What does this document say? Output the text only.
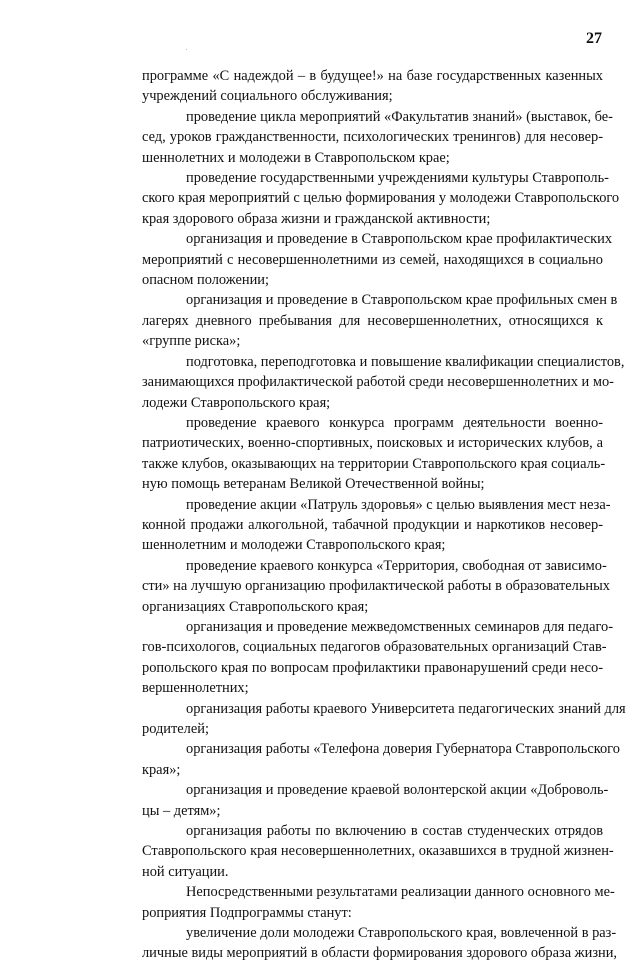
27
программе «С надеждой – в будущее!» на базе государственных казенных
учреждений социального обслуживания;
проведение цикла мероприятий «Факультатив знаний» (выставок, бе-
сед, уроков гражданственности, психологических тренингов) для несовер-
шеннолетних и молодежи в Ставропольском крае;
проведение государственными учреждениями культуры Ставрополь-
ского края мероприятий с целью формирования у молодежи Ставропольского
края здорового образа жизни и гражданской активности;
организация и проведение в Ставропольском крае профилактических
мероприятий с несовершеннолетними из семей, находящихся в социально
опасном положении;
организация и проведение в Ставропольском крае профильных смен в
лагерях дневного пребывания для несовершеннолетних, относящихся к
«группе риска»;
подготовка, переподготовка и повышение квалификации специалистов,
занимающихся профилактической работой среди несовершеннолетних и мо-
лодежи Ставропольского края;
проведение краевого конкурса программ деятельности военно-
патриотических, военно-спортивных, поисковых и исторических клубов, а
также клубов, оказывающих на территории Ставропольского края социаль-
ную помощь ветеранам Великой Отечественной войны;
проведение акции «Патруль здоровья» с целью выявления мест неза-
конной продажи алкогольной, табачной продукции и наркотиков несовер-
шеннолетним и молодежи Ставропольского края;
проведение краевого конкурса «Территория, свободная от зависимо-
сти» на лучшую организацию профилактической работы в образовательных
организациях Ставропольского края;
организация и проведение межведомственных семинаров для педаго-
гов-психологов, социальных педагогов образовательных организаций Став-
ропольского края по вопросам профилактики правонарушений среди несо-
вершеннолетних;
организация работы краевого Университета педагогических знаний для
родителей;
организация работы «Телефона доверия Губернатора Ставропольского
края»;
организация и проведение краевой волонтерской акции «Доброволь-
цы – детям»;
организация работы по включению в состав студенческих отрядов
Ставропольского края несовершеннолетних, оказавшихся в трудной жизнен-
ной ситуации.
Непосредственными результатами реализации данного основного ме-
роприятия Подпрограммы станут:
увеличение доли молодежи Ставропольского края, вовлеченной в раз-
личные виды мероприятий в области формирования здорового образа жизни,
